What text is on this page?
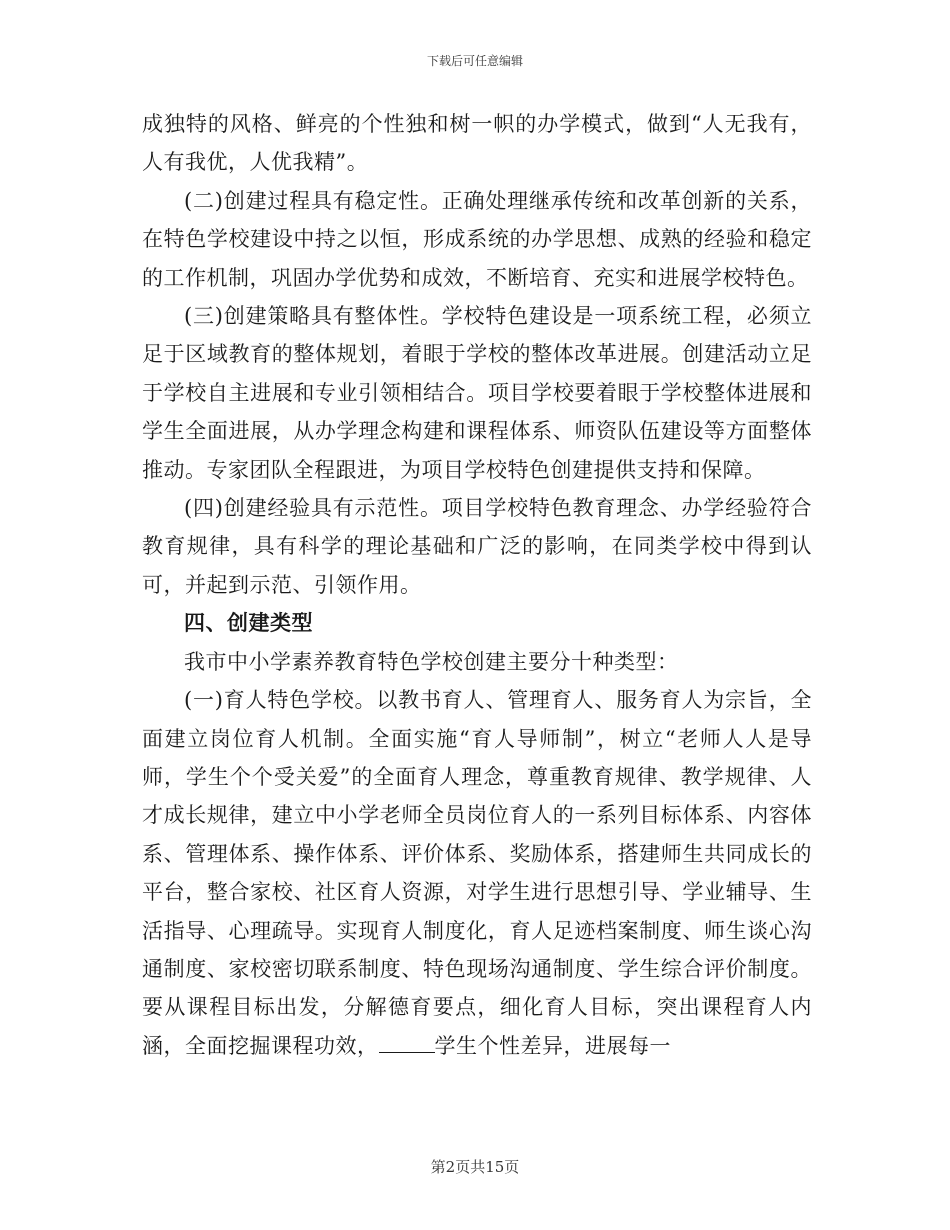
下载后可任意编辑

成独特的风格、鲜亮的个性独和树一帜的办学模式，做到“人无我有，人有我优，人优我精”。

(二)创建过程具有稳定性。正确处理继承传统和改革创新的关系，在特色学校建设中持之以恒，形成系统的办学思想、成熟的经验和稳定的工作机制，巩固办学优势和成效，不断培育、充实和进展学校特色。

(三)创建策略具有整体性。学校特色建设是一项系统工程，必须立足于区域教育的整体规划，着眼于学校的整体改革进展。创建活动立足于学校自主进展和专业引领相结合。项目学校要着眼于学校整体进展和学生全面进展，从办学理念构建和课程体系、师资队伍建设等方面整体推动。专家团队全程跟进，为项目学校特色创建提供支持和保障。

(四)创建经验具有示范性。项目学校特色教育理念、办学经验符合教育规律，具有科学的理论基础和广泛的影响，在同类学校中得到认可，并起到示范、引领作用。

四、创建类型

我市中小学素养教育特色学校创建主要分十种类型：

(一)育人特色学校。以教书育人、管理育人、服务育人为宗旨，全面建立岗位育人机制。全面实施“育人导师制”，树立“老师人人是导师，学生个个受关爱”的全面育人理念，尊重教育规律、教学规律、人才成长规律，建立中小学老师全员岗位育人的一系列目标体系、内容体系、管理体系、操作体系、评价体系、奖励体系，搭建师生共同成长的平台，整合家校、社区育人资源，对学生进行思想引导、学业辅导、生活指导、心理疏导。实现育人制度化，育人足迹档案制度、师生谈心沟通制度、家校密切联系制度、特色现场沟通制度、学生综合评价制度。要从课程目标出发，分解德育要点，细化育人目标，突出课程育人内涵，全面挖掘课程功效，	学生个性差异，进展每一

第2页共15页
